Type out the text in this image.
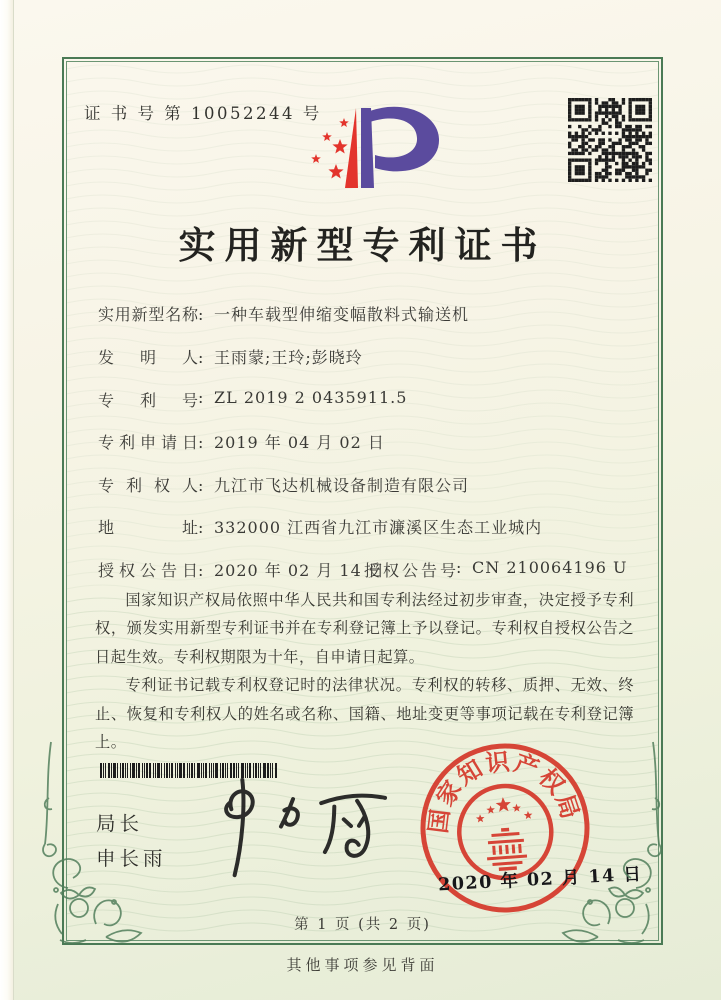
证 书 号 第 10052244 号
实用新型专利证书
实用新型名称: 一种车载型伸缩变幅散料式输送机
发明人: 王雨蒙;王玲;彭晓玲
专利号: ZL 2019 2 0435911.5
专利申请日: 2019 年 04 月 02 日
专利权人: 九江市飞达机械设备制造有限公司
地址: 332000 江西省九江市濂溪区生态工业城内
授权公告日: 2020 年 02 月 14 日
授权公告号: CN 210064196 U

国家知识产权局依照中华人民共和国专利法经过初步审查，决定授予专利权，颁发实用新型专利证书并在专利登记簿上予以登记。专利权自授权公告之日起生效。专利权期限为十年，自申请日起算。

专利证书记载专利权登记时的法律状况。专利权的转移、质押、无效、终止、恢复和专利权人的姓名或名称、国籍、地址变更等事项记载在专利登记簿上。

局长
申长雨
国家知识产权局
2020 年 02 月 14 日
第 1 页 (共 2 页)
其他事项参见背面
